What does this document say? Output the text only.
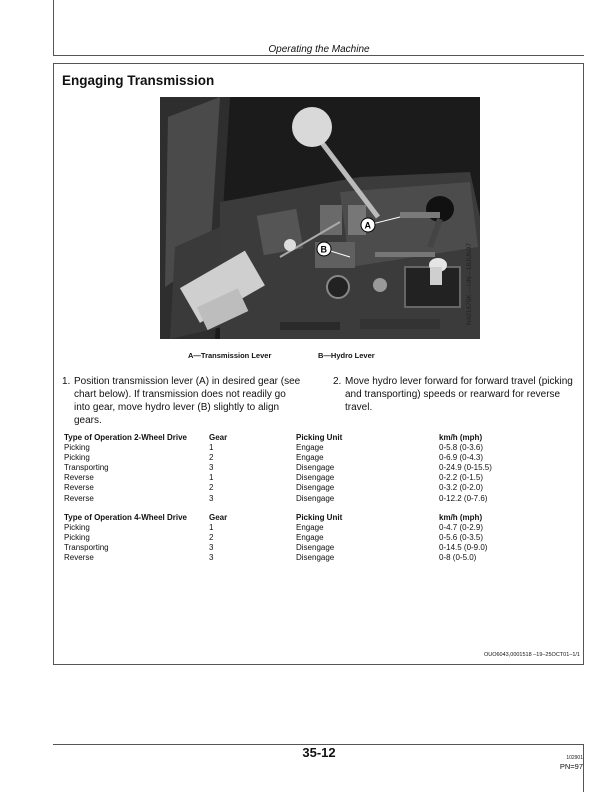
Operating the Machine
Engaging Transmission
A
B	N421670K —UN—18JUN97
A—Transmission Lever	B—Hydro Lever
1. Position transmission lever (A) in desired gear (see chart below). If transmission does not readily go into gear, move hydro lever (B) slightly to align gears.
2. Move hydro lever forward for forward travel (picking and transporting) speeds or rearward for reverse travel.
Type of Operation 2-Wheel Drive	Gear	Picking Unit	km/h (mph)
Picking	1	Engage	0-5.8 (0-3.6)
Picking	2	Engage	0-6.9 (0-4.3)
Transporting	3	Disengage	0-24.9 (0-15.5)
Reverse	1	Disengage	0-2.2 (0-1.5)
Reverse	2	Disengage	0-3.2 (0-2.0)
Reverse	3	Disengage	0-12.2 (0-7.6)
Type of Operation 4-Wheel Drive	Gear	Picking Unit	km/h (mph)
Picking	1	Engage	0-4.7 (0-2.9)
Picking	2	Engage	0-5.6 (0-3.5)
Transporting	3	Disengage	0-14.5 (0-9.0)
Reverse	3	Disengage	0-8 (0-5.0)
OUO6043,0001518 –19–25OCT01–1/1
35-12	102901
PN=97
